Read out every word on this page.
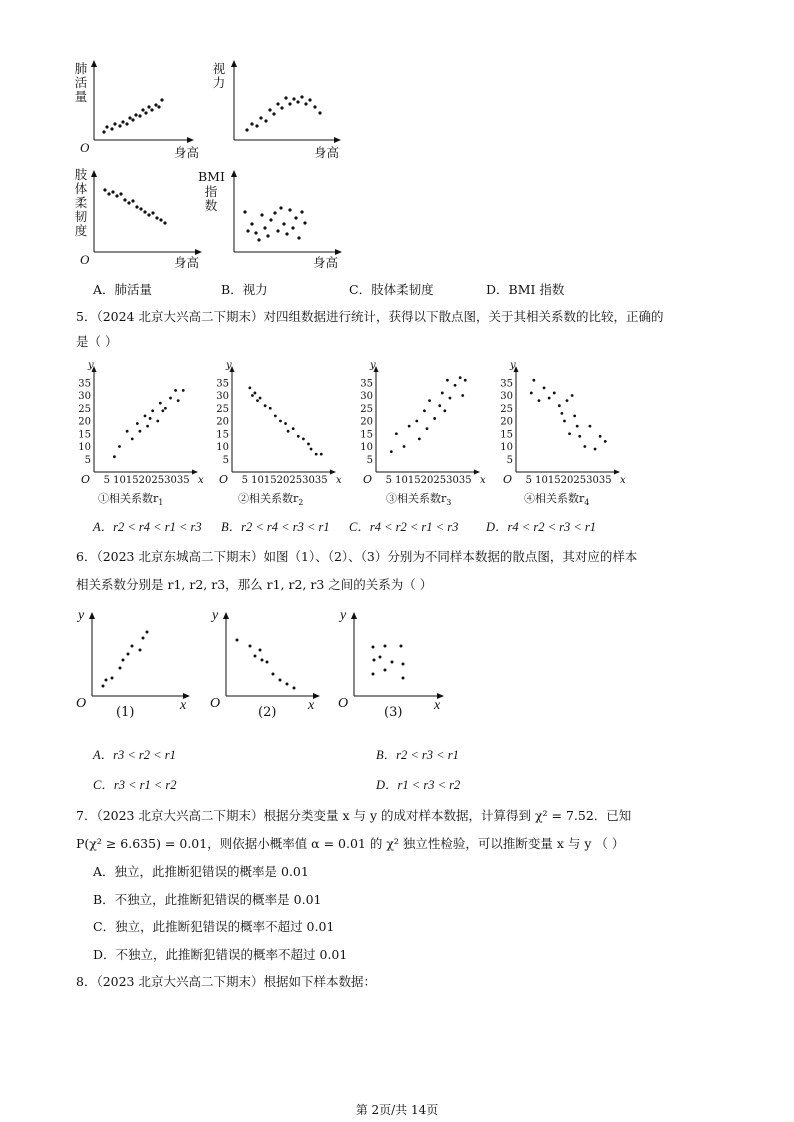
肺
活
量
O	身高
视
力
身高
肢
体
柔
韧
度
O	身高
BMI
指
数
身高
A．肺活量	B．视力	C．肢体柔韧度	D．BMI 指数
5．（2024 北京大兴高二下期末）对四组数据进行统计，获得以下散点图，关于其相关系数的比较，正确的
是（ ）
y
x
O
35
30
25
20
15
10
5
5 10 15 20 25 30 35
①相关系数$r_1$
y
x
O
35
30
25
20
15
10
5
5 10 15 20 25 30 35
②相关系数$r_2$
y
x
O
35
30
25
20
15
10
5
5 10 15 20 25 30 35
③相关系数$r_3$
y
x
O
35
30
25
20
15
10
5
5 10 15 20 25 30 35
④相关系数$r_4$
A．r2 < r4 < r1 < r3 B．r2 < r4 < r3 < r1 C．r4 < r2 < r1 < r3 D．r4 < r2 < r3 < r1
6．（2023 北京东城高二下期末）如图（1）、（2）、（3）分别为不同样本数据的散点图，其对应的样本
相关系数分别是 r1, r2, r3，那么 r1, r2, r3 之间的关系为（ ）
y
x
O
(1)
y
x
O
(2)
y
x
O
(3)
A．r3 < r2 < r1	B．r2 < r3 < r1
C．r3 < r1 < r2	D．r1 < r3 < r2
7．（2023 北京大兴高二下期末）根据分类变量 x 与 y 的成对样本数据，计算得到 χ² = 7.52．已知
P(χ² ≥ 6.635) = 0.01，则依据小概率值 α = 0.01 的 χ² 独立性检验，可以推断变量 x 与 y （ ）
A．独立，此推断犯错误的概率是 0.01
B．不独立，此推断犯错误的概率是 0.01
C．独立，此推断犯错误的概率不超过 0.01
D．不独立，此推断犯错误的概率不超过 0.01
8．（2023 北京大兴高二下期末）根据如下样本数据：
第 2页/共 14页
